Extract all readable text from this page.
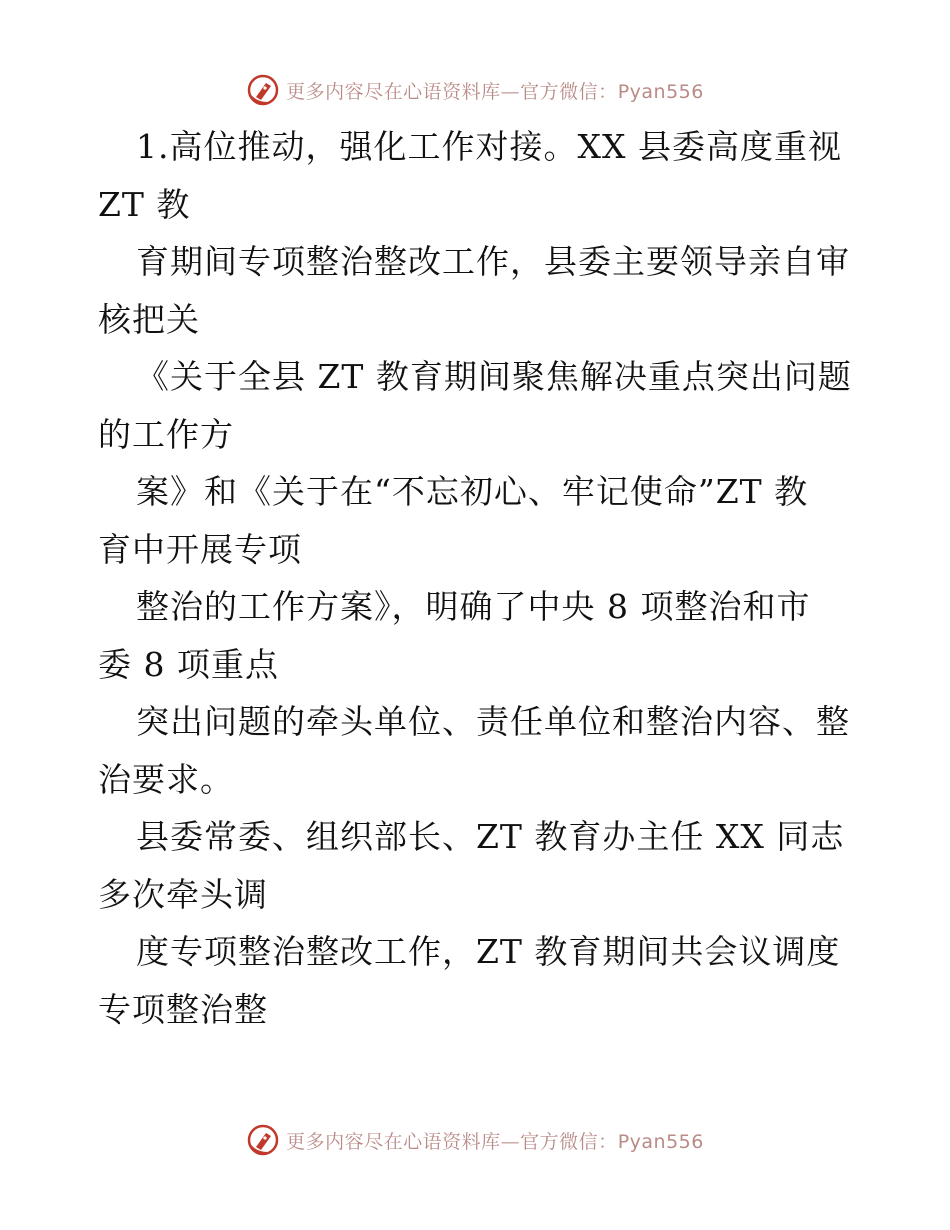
更多内容尽在心语资料库—官方微信：Pyan556
1.高位推动，强化工作对接。XX 县委高度重视
ZT 教
育期间专项整治整改工作，县委主要领导亲自审
核把关
《关于全县 ZT 教育期间聚焦解决重点突出问题
的工作方
案》和《关于在“不忘初心、牢记使命”ZT 教
育中开展专项
整治的工作方案》，明确了中央 8 项整治和市
委 8 项重点
突出问题的牵头单位、责任单位和整治内容、整
治要求。
县委常委、组织部长、ZT 教育办主任 XX 同志
多次牵头调
度专项整治整改工作，ZT 教育期间共会议调度
专项整治整
更多内容尽在心语资料库—官方微信：Pyan556
